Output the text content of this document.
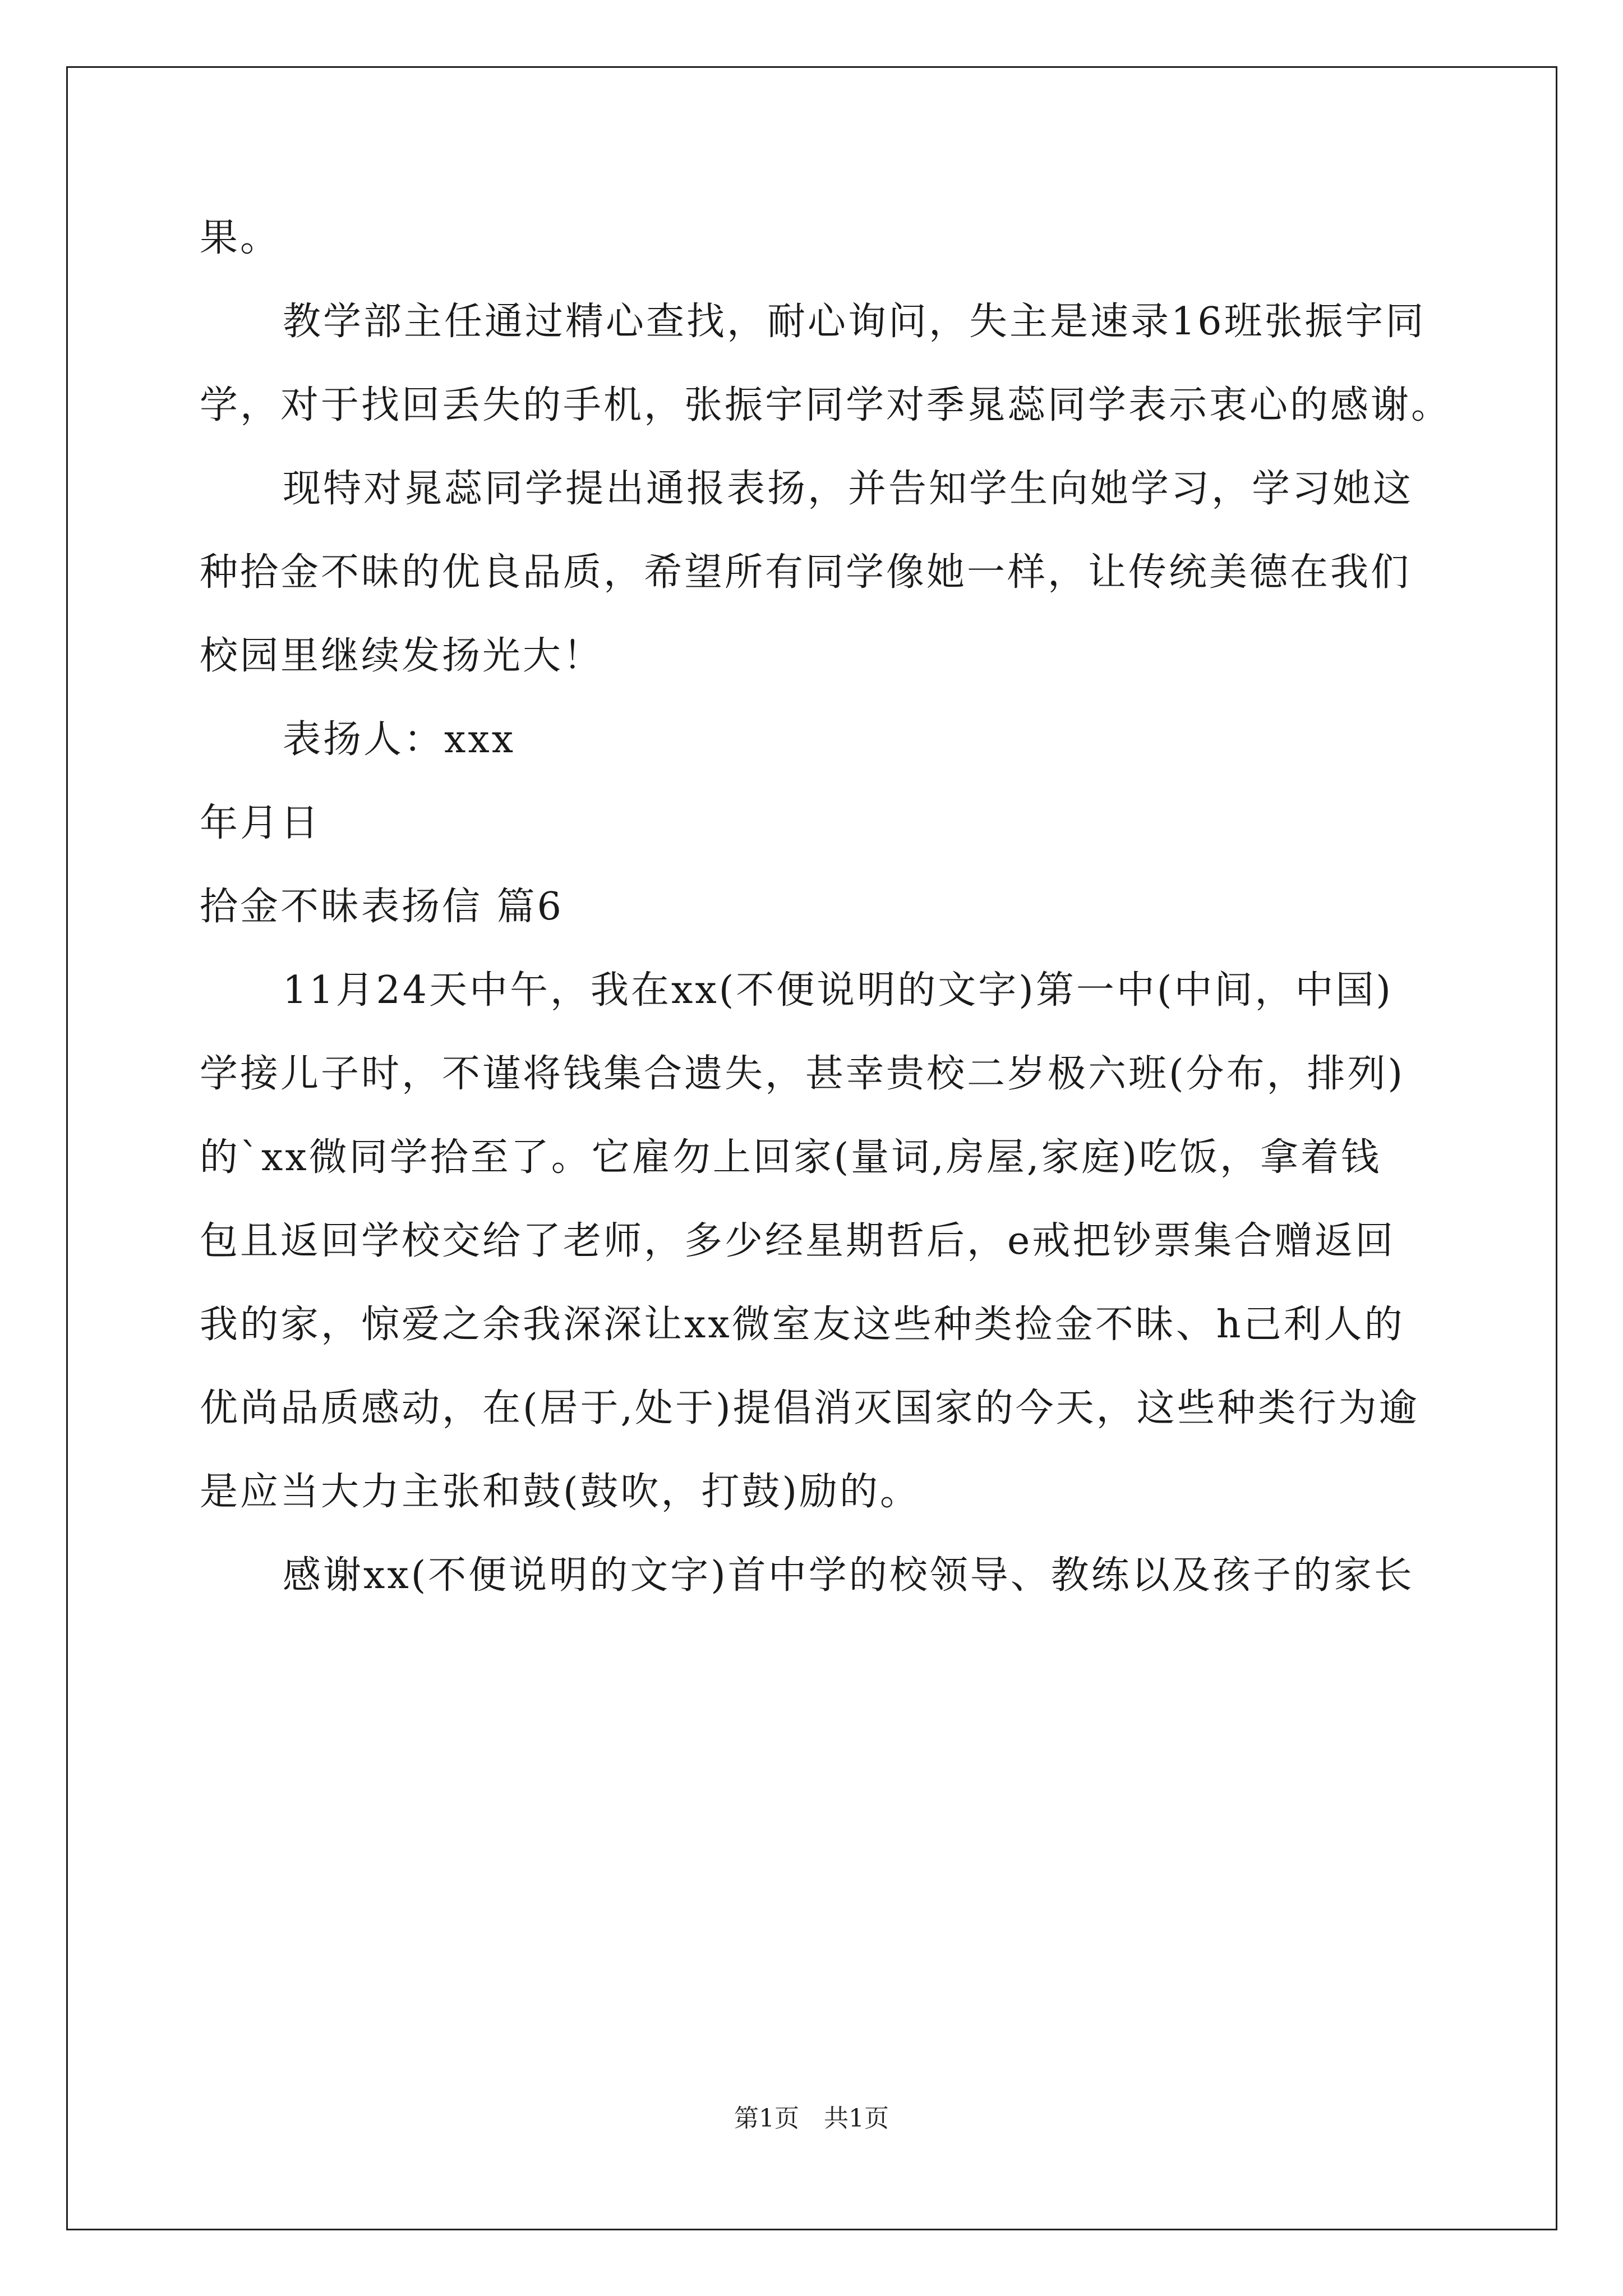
果。
教学部主任通过精心查找，耐心询问，失主是速录16班张振宇同
学，对于找回丢失的手机，张振宇同学对季晁蕊同学表示衷心的感谢。
现特对晁蕊同学提出通报表扬，并告知学生向她学习，学习她这
种拾金不昧的优良品质，希望所有同学像她一样，让传统美德在我们
校园里继续发扬光大！
表扬人：xxx
年月日
拾金不昧表扬信 篇6
11月24天中午，我在xx(不便说明的文字)第一中(中间，中国)
学接儿子时，不谨将钱集合遗失，甚幸贵校二岁极六班(分布，排列)
的`xx微同学拾至了。它雇勿上回家(量词,房屋,家庭)吃饭，拿着钱
包且返回学校交给了老师，多少经星期哲后，e戒把钞票集合赠返回
我的家，惊爱之余我深深让xx微室友这些种类捡金不昧、h己利人的
优尚品质感动，在(居于,处于)提倡消灭国家的今天，这些种类行为逾
是应当大力主张和鼓(鼓吹，打鼓)励的。
感谢xx(不便说明的文字)首中学的校领导、教练以及孩子的家长
第1页　共1页
